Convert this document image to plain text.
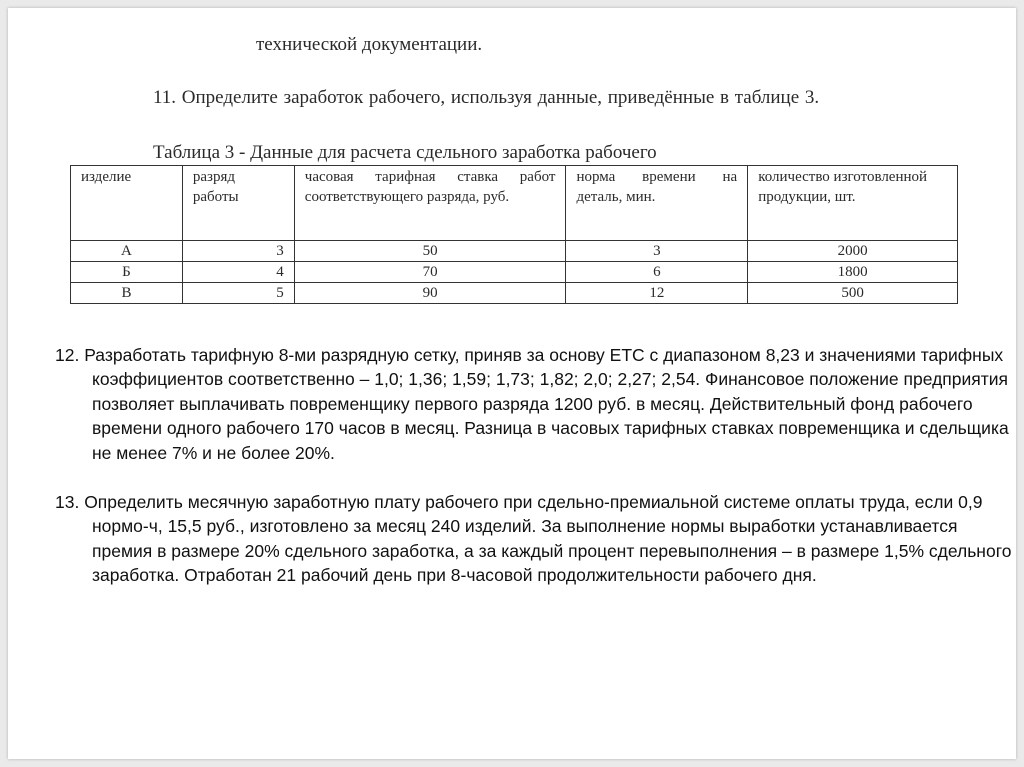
технической документации.
11. Определите заработок рабочего, используя данные, приведённые в таблице 3.
Таблица 3 - Данные для расчета сдельного заработка рабочего
изделие	разряд работы	часовая тарифная ставка работ соответствующего разряда, руб.	норма времени на деталь, мин.	количество изготовленной продукции, шт.
А	3	50	3	2000
Б	4	70	6	1800
В	5	90	12	500
12. Разработать тарифную 8-ми разрядную сетку, приняв за основу ЕТС с диапазоном 8,23 и значениями тарифных коэффициентов соответственно – 1,0; 1,36; 1,59; 1,73; 1,82; 2,0; 2,27; 2,54. Финансовое положение предприятия позволяет выплачивать повременщику первого разряда 1200 руб. в месяц. Действительный фонд рабочего времени одного рабочего 170 часов в месяц. Разница в часовых тарифных ставках повременщика и сдельщика не менее 7% и не более 20%.
13. Определить месячную заработную плату рабочего при сдельно-премиальной системе оплаты труда, если 0,9 нормо-ч, 15,5 руб., изготовлено за месяц 240 изделий. За выполнение нормы выработки устанавливается премия в размере 20% сдельного заработка, а за каждый процент перевыполнения – в размере 1,5% сдельного заработка. Отработан 21 рабочий день при 8-часовой продолжительности рабочего дня.
